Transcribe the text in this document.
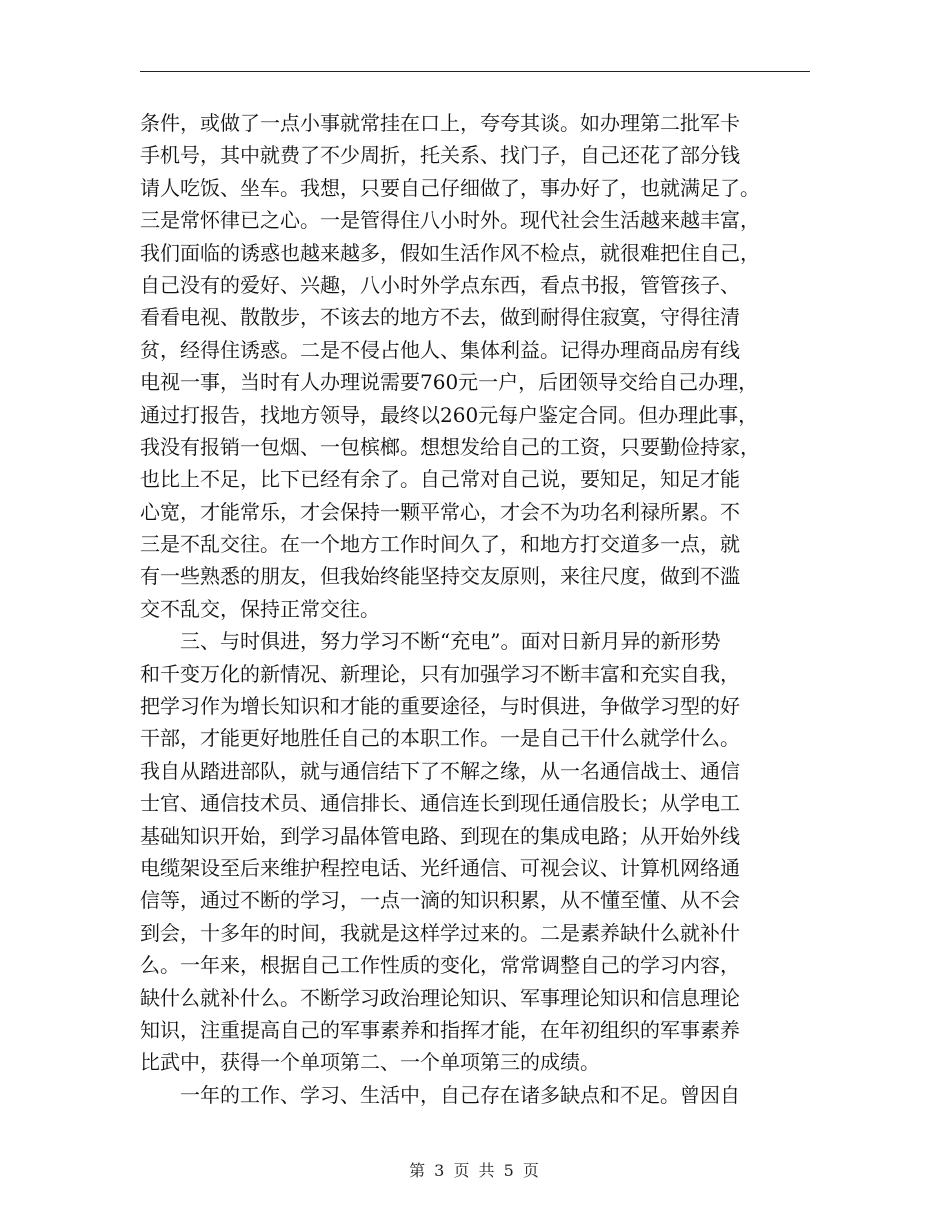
条件，或做了一点小事就常挂在口上，夸夸其谈。如办理第二批军卡
手机号，其中就费了不少周折，托关系、找门子，自己还花了部分钱
请人吃饭、坐车。我想，只要自己仔细做了，事办好了，也就满足了。
三是常怀律已之心。一是管得住八小时外。现代社会生活越来越丰富，
我们面临的诱惑也越来越多，假如生活作风不检点，就很难把住自己，
自己没有的爱好、兴趣，八小时外学点东西，看点书报，管管孩子、
看看电视、散散步，不该去的地方不去，做到耐得住寂寞，守得往清
贫，经得住诱惑。二是不侵占他人、集体利益。记得办理商品房有线
电视一事，当时有人办理说需要760元一户，后团领导交给自己办理，
通过打报告，找地方领导，最终以260元每户鉴定合同。但办理此事，
我没有报销一包烟、一包槟榔。想想发给自己的工资，只要勤俭持家，
也比上不足，比下已经有余了。自己常对自己说，要知足，知足才能
心宽，才能常乐，才会保持一颗平常心，才会不为功名利禄所累。不
三是不乱交往。在一个地方工作时间久了，和地方打交道多一点，就
有一些熟悉的朋友，但我始终能坚持交友原则，来往尺度，做到不滥
交不乱交，保持正常交往。
　　三、与时俱进，努力学习不断“充电”。面对日新月异的新形势
和千变万化的新情况、新理论，只有加强学习不断丰富和充实自我，
把学习作为增长知识和才能的重要途径，与时俱进，争做学习型的好
干部，才能更好地胜任自己的本职工作。一是自己干什么就学什么。
我自从踏进部队，就与通信结下了不解之缘，从一名通信战士、通信
士官、通信技术员、通信排长、通信连长到现任通信股长；从学电工
基础知识开始，到学习晶体管电路、到现在的集成电路；从开始外线
电缆架设至后来维护程控电话、光纤通信、可视会议、计算机网络通
信等，通过不断的学习，一点一滴的知识积累，从不懂至懂、从不会
到会，十多年的时间，我就是这样学过来的。二是素养缺什么就补什
么。一年来，根据自己工作性质的变化，常常调整自己的学习内容，
缺什么就补什么。不断学习政治理论知识、军事理论知识和信息理论
知识，注重提高自己的军事素养和指挥才能，在年初组织的军事素养
比武中，获得一个单项第二、一个单项第三的成绩。
　　一年的工作、学习、生活中，自己存在诸多缺点和不足。曾因自
第 3 页 共 5 页
